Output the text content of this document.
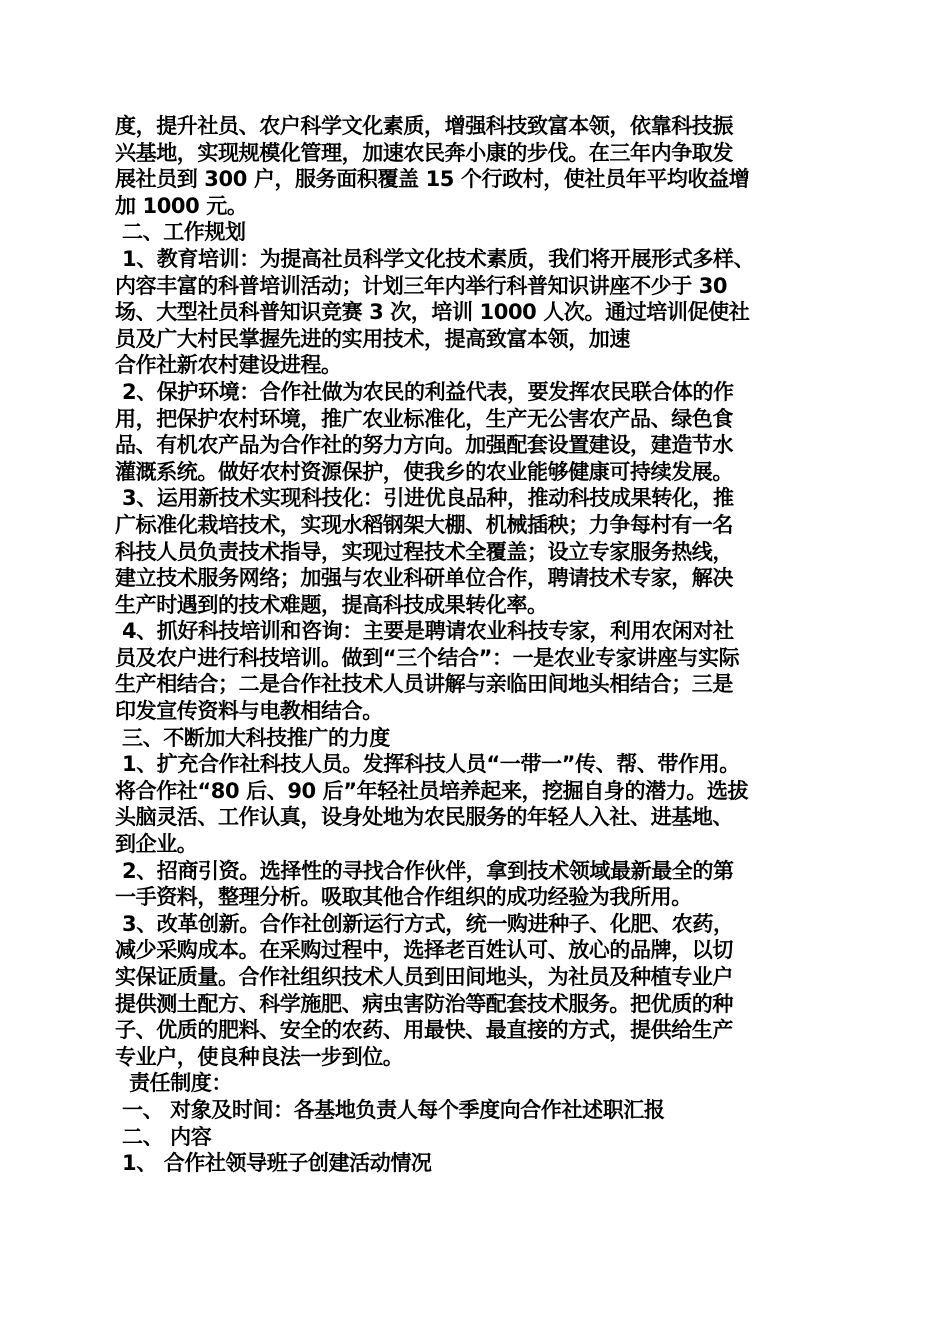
度，提升社员、农户科学文化素质，增强科技致富本领，依靠科技振
兴基地，实现规模化管理，加速农民奔小康的步伐。在三年内争取发
展社员到 300 户，服务面积覆盖 15 个行政村，使社员年平均收益增
加 1000 元。
二、工作规划
1、教育培训：为提高社员科学文化技术素质，我们将开展形式多样、
内容丰富的科普培训活动；计划三年内举行科普知识讲座不少于 30
场、大型社员科普知识竞赛 3 次，培训 1000 人次。通过培训促使社
员及广大村民掌握先进的实用技术，提高致富本领，加速
合作社新农村建设进程。
2、保护环境：合作社做为农民的利益代表，要发挥农民联合体的作
用，把保护农村环境，推广农业标准化，生产无公害农产品、绿色食
品、有机农产品为合作社的努力方向。加强配套设置建设，建造节水
灌溉系统。做好农村资源保护，使我乡的农业能够健康可持续发展。
3、运用新技术实现科技化：引进优良品种，推动科技成果转化，推
广标准化栽培技术，实现水稻钢架大棚、机械插秧；力争每村有一名
科技人员负责技术指导，实现过程技术全覆盖；设立专家服务热线，
建立技术服务网络；加强与农业科研单位合作，聘请技术专家，解决
生产时遇到的技术难题，提高科技成果转化率。
4、抓好科技培训和咨询：主要是聘请农业科技专家，利用农闲对社
员及农户进行科技培训。做到“三个结合”：一是农业专家讲座与实际
生产相结合；二是合作社技术人员讲解与亲临田间地头相结合；三是
印发宣传资料与电教相结合。
三、不断加大科技推广的力度
1、扩充合作社科技人员。发挥科技人员“一带一”传、帮、带作用。
将合作社“80 后、90 后”年轻社员培养起来，挖掘自身的潜力。选拔
头脑灵活、工作认真，设身处地为农民服务的年轻人入社、进基地、
到企业。
2、招商引资。选择性的寻找合作伙伴，拿到技术领域最新最全的第
一手资料，整理分析。吸取其他合作组织的成功经验为我所用。
3、改革创新。合作社创新运行方式，统一购进种子、化肥、农药，
减少采购成本。在采购过程中，选择老百姓认可、放心的品牌，以切
实保证质量。合作社组织技术人员到田间地头，为社员及种植专业户
提供测土配方、科学施肥、病虫害防治等配套技术服务。把优质的种
子、优质的肥料、安全的农药、用最快、最直接的方式，提供给生产
专业户，使良种良法一步到位。
责任制度：
一、 对象及时间：各基地负责人每个季度向合作社述职汇报
二、 内容
1、 合作社领导班子创建活动情况
